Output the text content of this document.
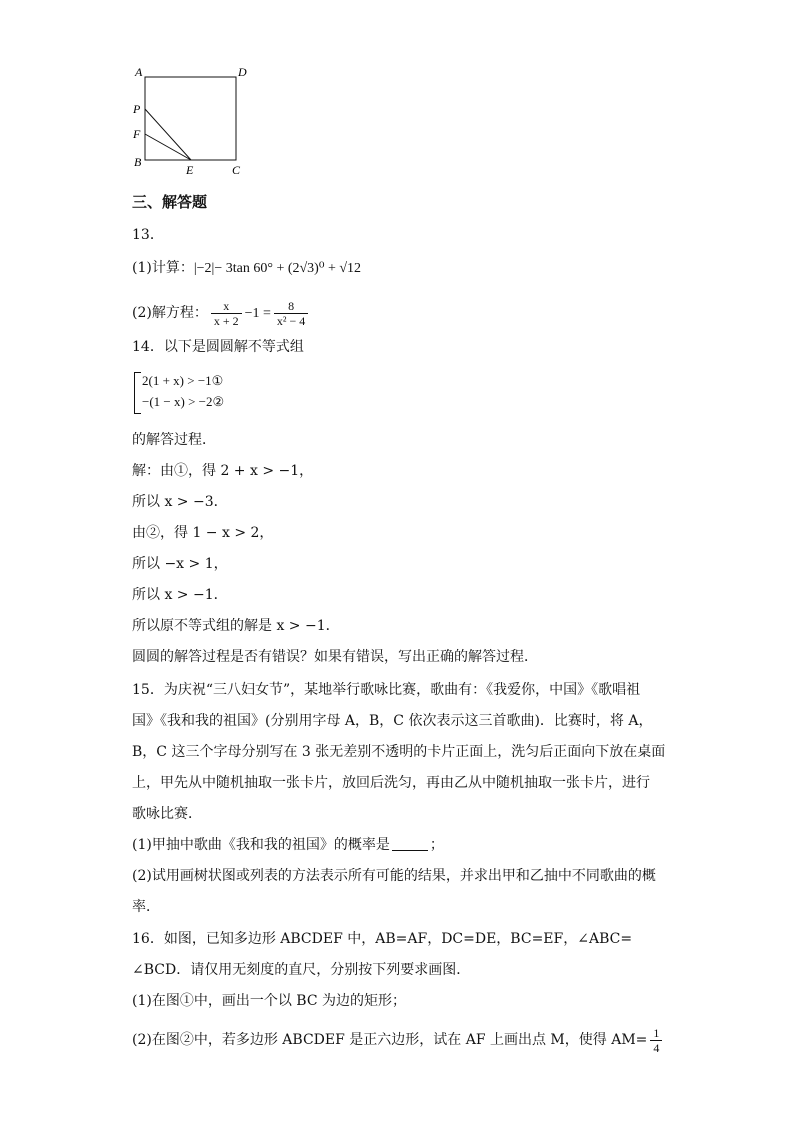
A	D
P
F
B
E	C
三、解答题
13．
(1)计算：|−2|− 3tan 60° + (2√3)⁰ + √12
(2)解方程： $\frac{x}{x + 2} -1 = \frac{8}{\text{x² − 4}}$
14．以下是圆圆解不等式组
2(1 + x) > −1①
−(1 − x) > −2②
的解答过程．
解：由①，得 2 + x > −1，
所以 x > −3．
由②，得 1 − x > 2，
所以 −x > 1，
所以 x > −1．
所以原不等式组的解是 x > −1．
圆圆的解答过程是否有错误？如果有错误，写出正确的解答过程．
15．为庆祝“三八妇女节”，某地举行歌咏比赛，歌曲有：《我爱你，中国》《歌唱祖
国》《我和我的祖国》(分别用字母 A，B，C 依次表示这三首歌曲)．比赛时，将 A，
B，C 这三个字母分别写在 3 张无差别不透明的卡片正面上，洗匀后正面向下放在桌面
上，甲先从中随机抽取一张卡片，放回后洗匀，再由乙从中随机抽取一张卡片，进行
歌咏比赛．
(1)甲抽中歌曲《我和我的祖国》的概率是	；
(2)试用画树状图或列表的方法表示所有可能的结果，并求出甲和乙抽中不同歌曲的概
率．
16．如图，已知多边形 ABCDEF 中，AB=AF，DC=DE，BC=EF，∠ABC=
∠BCD．请仅用无刻度的直尺，分别按下列要求画图．
(1)在图①中，画出一个以 BC 为边的矩形；
(2)在图②中，若多边形 ABCDEF 是正六边形，试在 AF 上画出点 M，使得 $AM= \frac{1}{4}$
